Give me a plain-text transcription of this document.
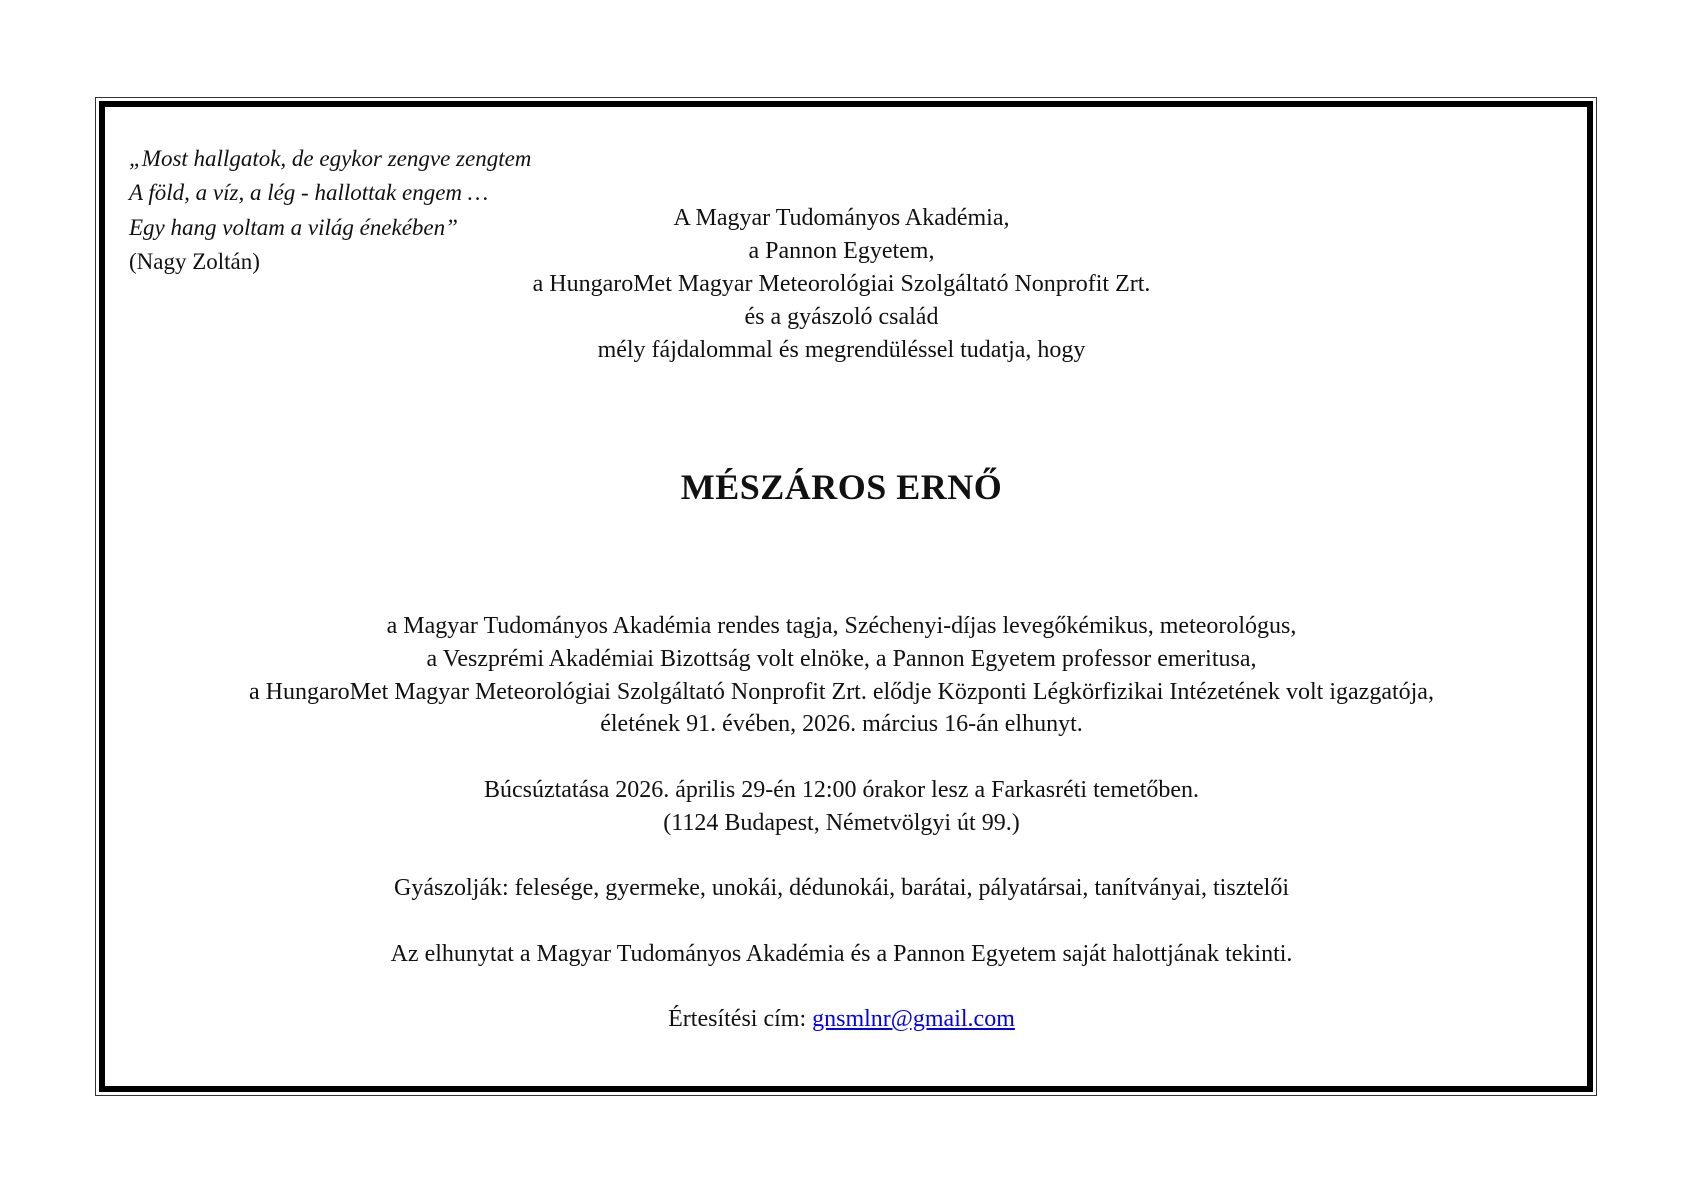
„Most hallgatok, de egykor zengve zengtem
A föld, a víz, a lég - hallottak engem …
Egy hang voltam a világ énekében”
(Nagy Zoltán)
A Magyar Tudományos Akadémia,
a Pannon Egyetem,
a HungaroMet Magyar Meteorológiai Szolgáltató Nonprofit Zrt.
és a gyászoló család
mély fájdalommal és megrendüléssel tudatja, hogy
MÉSZÁROS ERNŐ
a Magyar Tudományos Akadémia rendes tagja, Széchenyi-díjas levegőkémikus, meteorológus,
a Veszprémi Akadémiai Bizottság volt elnöke, a Pannon Egyetem professor emeritusa,
a HungaroMet Magyar Meteorológiai Szolgáltató Nonprofit Zrt. elődje Központi Légkörfizikai Intézetének volt igazgatója,
életének 91. évében, 2026. március 16-án elhunyt.
Búcsúztatása 2026. április 29-én 12:00 órakor lesz a Farkasréti temetőben.
(1124 Budapest, Németvölgyi út 99.)
Gyászolják: felesége, gyermeke, unokái, dédunokái, barátai, pályatársai, tanítványai, tisztelői
Az elhunytat a Magyar Tudományos Akadémia és a Pannon Egyetem saját halottjának tekinti.
Értesítési cím: gnsmlnr@gmail.com
